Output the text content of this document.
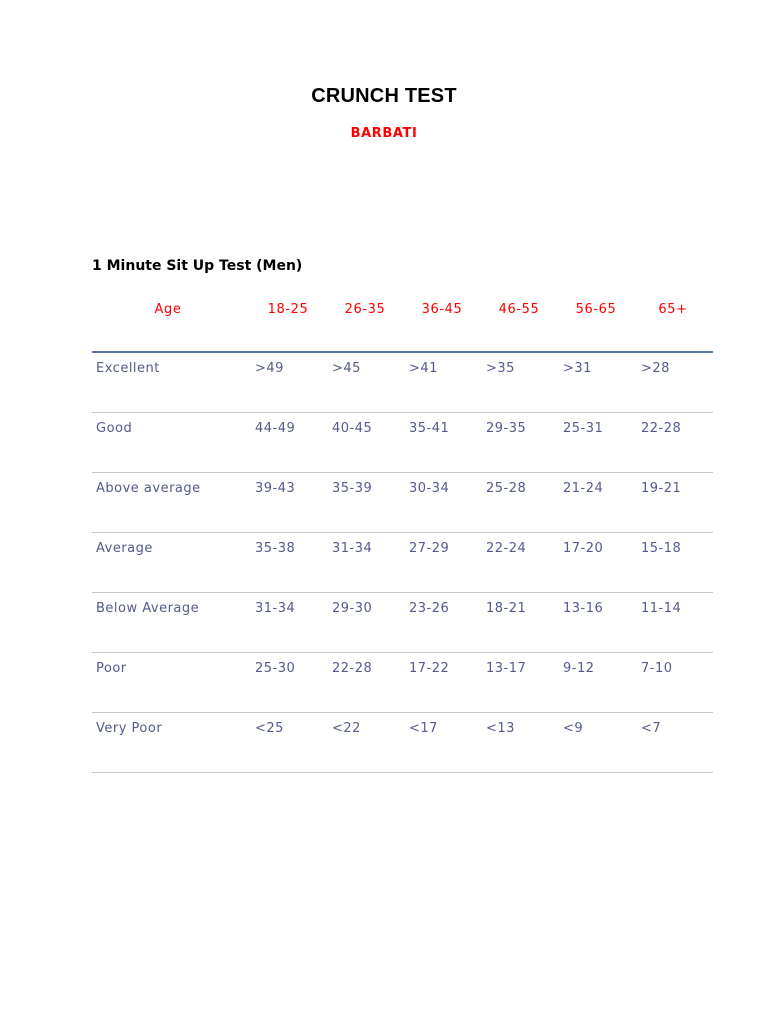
CRUNCH TEST
BARBATI
1 Minute Sit Up Test (Men)
Age	18-25	26-35	36-45	46-55	56-65	65+
Excellent	>49	>45	>41	>35	>31	>28
Good	44-49	40-45	35-41	29-35	25-31	22-28
Above average	39-43	35-39	30-34	25-28	21-24	19-21
Average	35-38	31-34	27-29	22-24	17-20	15-18
Below Average	31-34	29-30	23-26	18-21	13-16	11-14
Poor	25-30	22-28	17-22	13-17	9-12	7-10
Very Poor	<25	<22	<17	<13	<9	<7
